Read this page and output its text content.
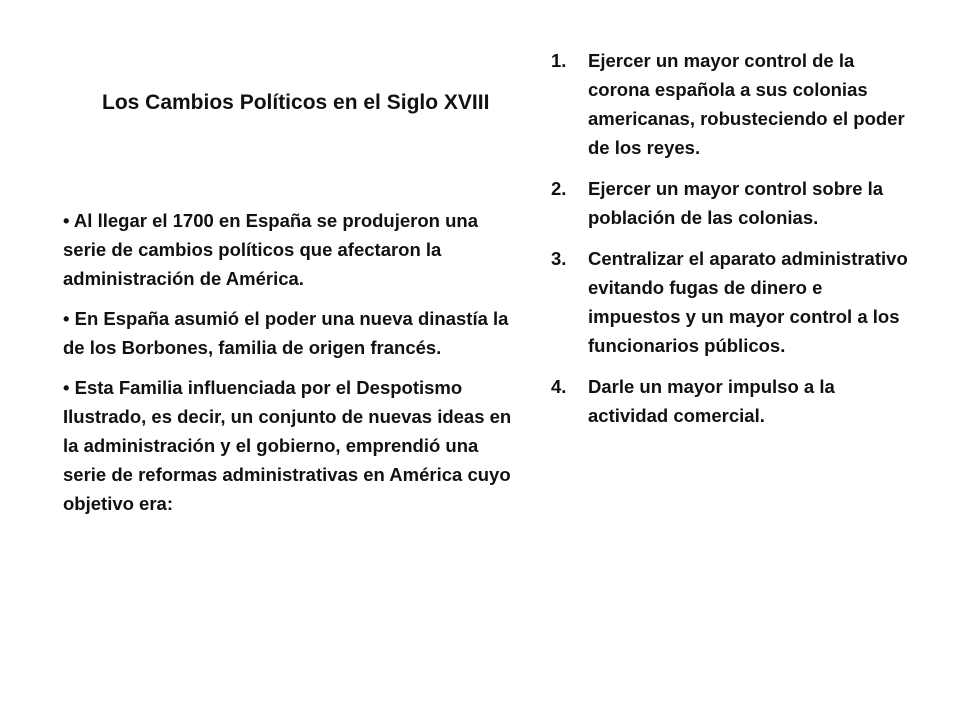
Los Cambios Políticos en el Siglo XVIII
• Al llegar el 1700 en España se produjeron una serie de cambios políticos que afectaron la administración de América.
• En España asumió el poder una nueva dinastía la de los Borbones, familia de origen francés.
• Esta Familia influenciada por el Despotismo Ilustrado, es decir, un conjunto de nuevas ideas en la administración y el gobierno, emprendió una serie de reformas administrativas en América cuyo objetivo era:
1.	Ejercer un mayor control de la corona española a sus colonias americanas, robusteciendo el poder de los reyes.
2.	Ejercer un mayor control sobre la población de las colonias.
3.	Centralizar el aparato administrativo evitando fugas de dinero e impuestos y un mayor control a los funcionarios públicos.
4.	Darle un mayor impulso a la actividad comercial.
